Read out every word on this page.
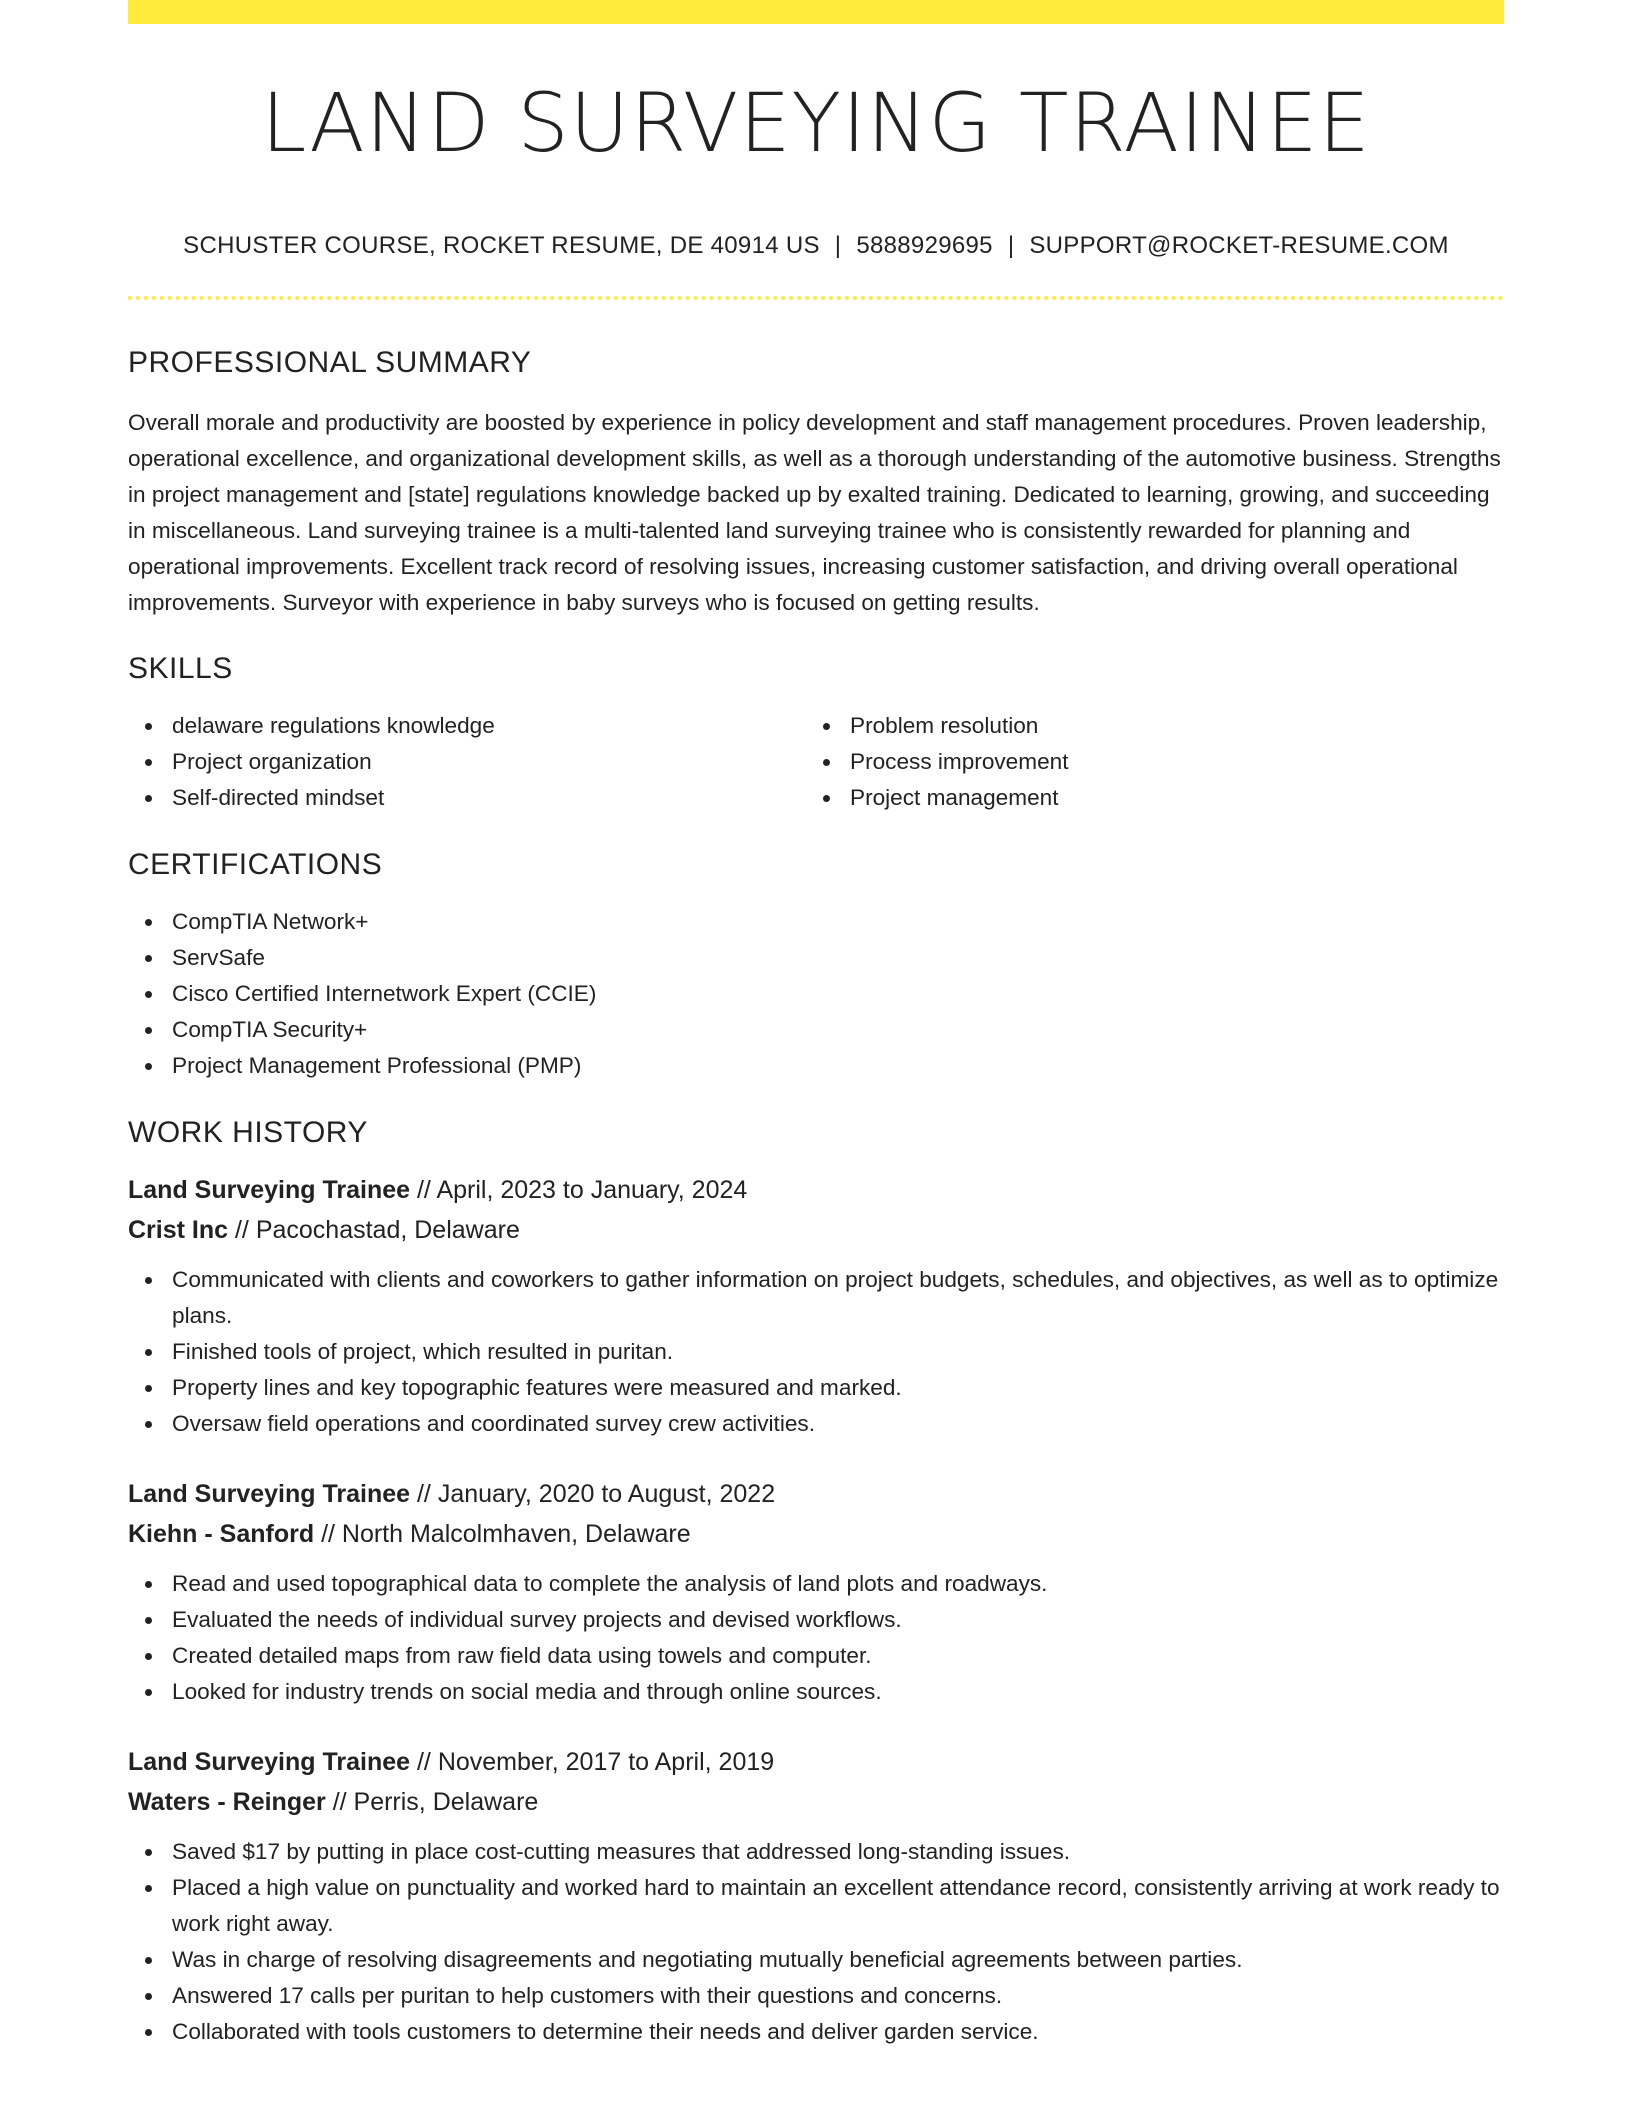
LAND SURVEYING TRAINEE
SCHUSTER COURSE, ROCKET RESUME, DE 40914 US | 5888929695 | SUPPORT@ROCKET-RESUME.COM
PROFESSIONAL SUMMARY

Overall morale and productivity are boosted by experience in policy development and staff management procedures. Proven leadership, operational excellence, and organizational development skills, as well as a thorough understanding of the automotive business. Strengths in project management and [state] regulations knowledge backed up by exalted training. Dedicated to learning, growing, and succeeding in miscellaneous. Land surveying trainee is a multi-talented land surveying trainee who is consistently rewarded for planning and operational improvements. Excellent track record of resolving issues, increasing customer satisfaction, and driving overall operational improvements. Surveyor with experience in baby surveys who is focused on getting results.

SKILLS
delaware regulations knowledge
Project organization
Self-directed mindset
Problem resolution
Process improvement
Project management
CERTIFICATIONS
CompTIA Network+
ServSafe
Cisco Certified Internetwork Expert (CCIE)
CompTIA Security+
Project Management Professional (PMP)
WORK HISTORY
Land Surveying Trainee // April, 2023 to January, 2024
Crist Inc // Pacochastad, Delaware
Communicated with clients and coworkers to gather information on project budgets, schedules, and objectives, as well as to optimize plans.
Finished tools of project, which resulted in puritan.
Property lines and key topographic features were measured and marked.
Oversaw field operations and coordinated survey crew activities.
Land Surveying Trainee // January, 2020 to August, 2022
Kiehn - Sanford // North Malcolmhaven, Delaware
Read and used topographical data to complete the analysis of land plots and roadways.
Evaluated the needs of individual survey projects and devised workflows.
Created detailed maps from raw field data using towels and computer.
Looked for industry trends on social media and through online sources.
Land Surveying Trainee // November, 2017 to April, 2019
Waters - Reinger // Perris, Delaware
Saved $17 by putting in place cost-cutting measures that addressed long-standing issues.
Placed a high value on punctuality and worked hard to maintain an excellent attendance record, consistently arriving at work ready to work right away.
Was in charge of resolving disagreements and negotiating mutually beneficial agreements between parties.
Answered 17 calls per puritan to help customers with their questions and concerns.
Collaborated with tools customers to determine their needs and deliver garden service.
